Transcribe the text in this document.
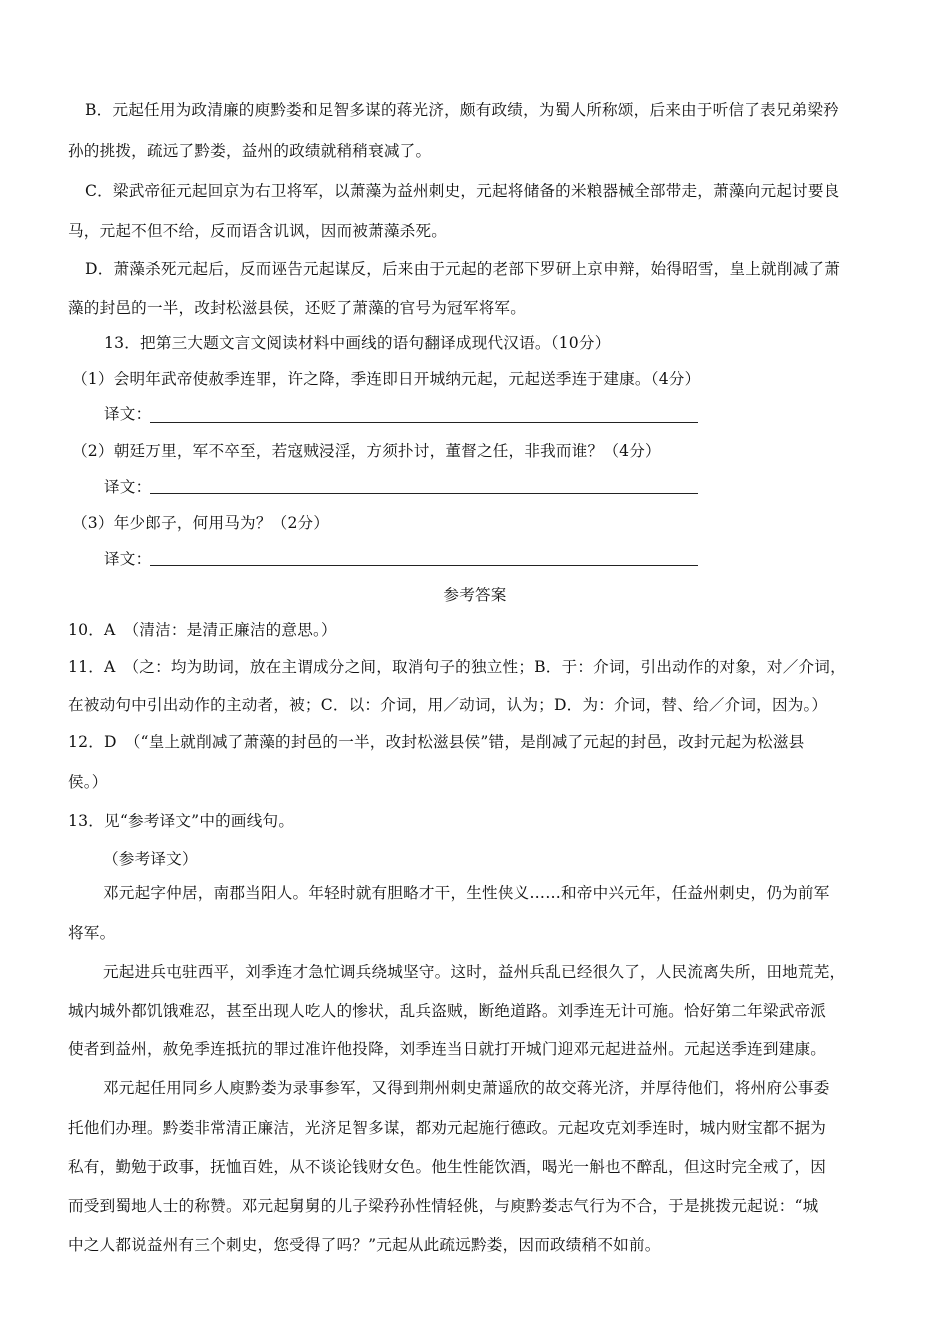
B．元起任用为政清廉的庾黔娄和足智多谋的蒋光济，颇有政绩，为蜀人所称颂，后来由于听信了表兄弟梁矜
孙的挑拨，疏远了黔娄，益州的政绩就稍稍衰减了。
C．梁武帝征元起回京为右卫将军，以萧藻为益州刺史，元起将储备的米粮器械全部带走，萧藻向元起讨要良
马，元起不但不给，反而语含讥讽，因而被萧藻杀死。
D．萧藻杀死元起后，反而诬告元起谋反，后来由于元起的老部下罗研上京申辩，始得昭雪，皇上就削减了萧
藻的封邑的一半，改封松滋县侯，还贬了萧藻的官号为冠军将军。
13．把第三大题文言文阅读材料中画线的语句翻译成现代汉语。（10分）
（1）会明年武帝使赦季连罪，许之降，季连即日开城纳元起，元起送季连于建康。（4分）
译文：
（2）朝廷万里，军不卒至，若寇贼浸淫，方须扑讨，董督之任，非我而谁？（4分）
译文：
（3）年少郎子，何用马为？（2分）
译文：
参考答案
10．A　（清洁：是清正廉洁的意思。）
11．A　（之：均为助词，放在主谓成分之间，取消句子的独立性；B．于：介词，引出动作的对象，对／介词，
在被动句中引出动作的主动者，被；C．以：介词，用／动词，认为；D．为：介词，替、给／介词，因为。）
12．D　（“皇上就削减了萧藻的封邑的一半，改封松滋县侯”错，是削减了元起的封邑，改封元起为松滋县
侯。）
13．见“参考译文”中的画线句。
（参考译文）
邓元起字仲居，南郡当阳人。年轻时就有胆略才干，生性侠义……和帝中兴元年，任益州刺史，仍为前军
将军。
元起进兵屯驻西平，刘季连才急忙调兵绕城坚守。这时，益州兵乱已经很久了，人民流离失所，田地荒芜，
城内城外都饥饿难忍，甚至出现人吃人的惨状，乱兵盗贼，断绝道路。刘季连无计可施。恰好第二年梁武帝派
使者到益州，赦免季连抵抗的罪过准许他投降，刘季连当日就打开城门迎邓元起进益州。元起送季连到建康。
邓元起任用同乡人庾黔娄为录事参军，又得到荆州刺史萧遥欣的故交蒋光济，并厚待他们，将州府公事委
托他们办理。黔娄非常清正廉洁，光济足智多谋，都劝元起施行德政。元起攻克刘季连时，城内财宝都不据为
私有，勤勉于政事，抚恤百姓，从不谈论钱财女色。他生性能饮酒，喝光一斛也不醉乱，但这时完全戒了，因
而受到蜀地人士的称赞。邓元起舅舅的儿子梁矜孙性情轻佻，与庾黔娄志气行为不合，于是挑拨元起说：“城
中之人都说益州有三个刺史，您受得了吗？”元起从此疏远黔娄，因而政绩稍不如前。
